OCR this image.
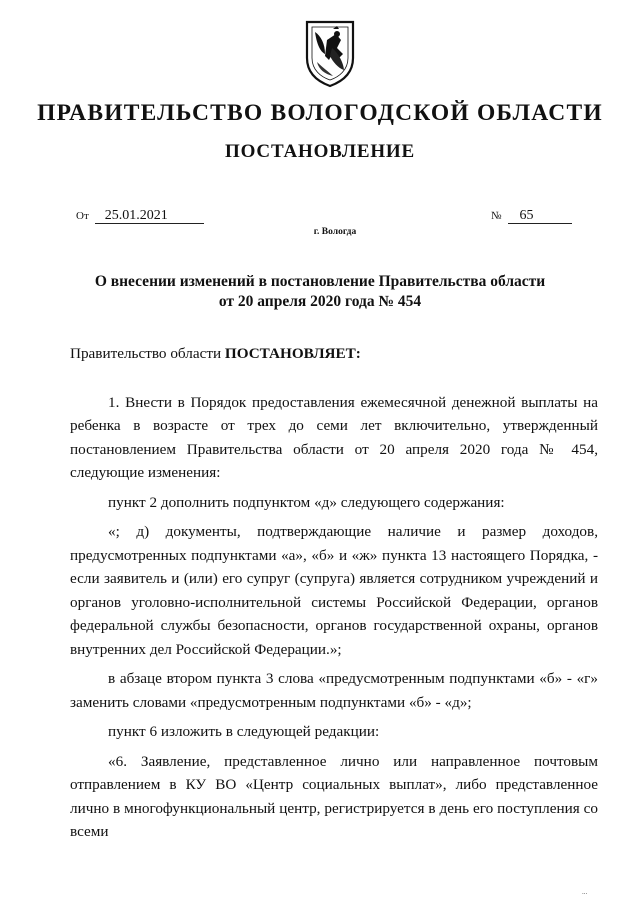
ПРАВИТЕЛЬСТВО ВОЛОГОДСКОЙ ОБЛАСТИ
ПОСТАНОВЛЕНИЕ
От 25.01.2021	№ 65
г. Вологда
О внесении изменений в постановление Правительства области
от 20 апреля 2020 года № 454

Правительство области ПОСТАНОВЛЯЕТ:

1. Внести в Порядок предоставления ежемесячной денежной выплаты на ребенка в возрасте от трех до семи лет включительно, утвержденный постановлением Правительства области от 20 апреля 2020 года № 454, следующие изменения:

пункт 2 дополнить подпунктом «д» следующего содержания:

«; д) документы, подтверждающие наличие и размер доходов, предусмотренных подпунктами «а», «б» и «ж» пункта 13 настоящего Порядка, - если заявитель и (или) его супруг (супруга) является сотрудником учреждений и органов уголовно-исполнительной системы Российской Федерации, органов федеральной службы безопасности, органов государственной охраны, органов внутренних дел Российской Федерации.»;

в абзаце втором пункта 3 слова «предусмотренным подпунктами «б» - «г» заменить словами «предусмотренным подпунктами «б» - «д»;

пункт 6 изложить в следующей редакции:

«6. Заявление, представленное лично или направленное почтовым отправлением в КУ ВО «Центр социальных выплат», либо представленное лично в многофункциональный центр, регистрируется в день его поступления со всеми

...
